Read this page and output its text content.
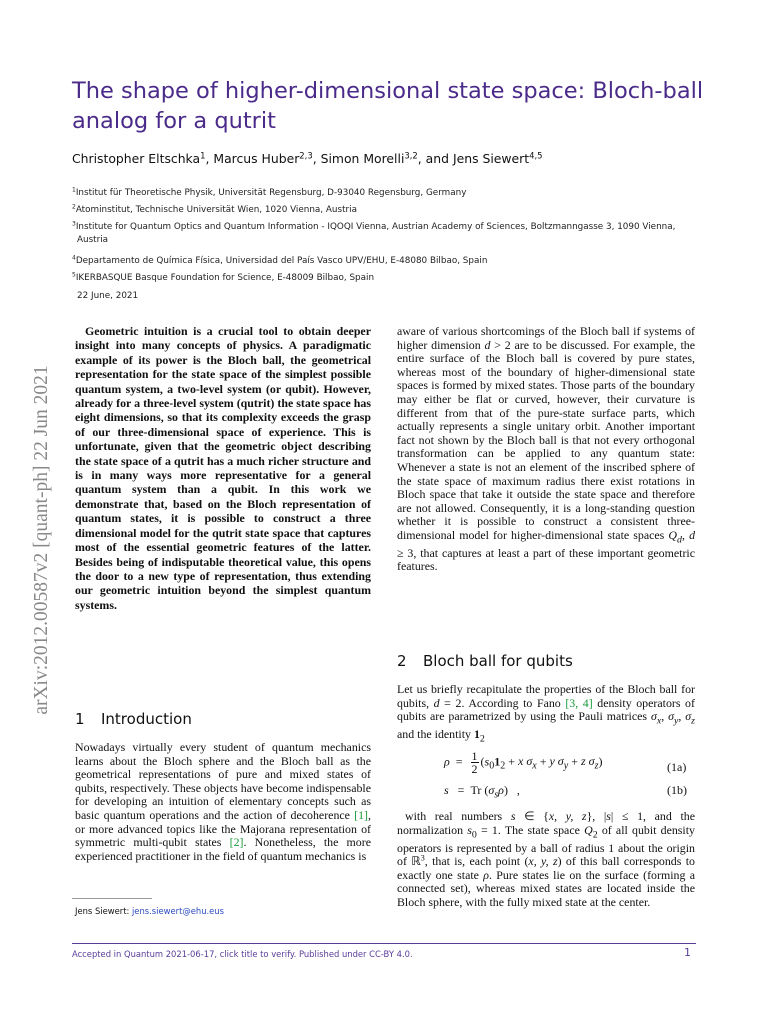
The shape of higher-dimensional state space: Bloch-ball analog for a qutrit
Christopher Eltschka$^1$, Marcus Huber$^{2,3}$, Simon Morelli$^{3,2}$, and Jens Siewert$^{4,5}$
$^1$Institut für Theoretische Physik, Universität Regensburg, D-93040 Regensburg, Germany
$^2$Atominstitut, Technische Universität Wien, 1020 Vienna, Austria
$^3$Institute for Quantum Optics and Quantum Information - IQOQI Vienna, Austrian Academy of Sciences, Boltzmanngasse 3, 1090 Vienna,
Austria
$^4$Departamento de Química Física, Universidad del País Vasco UPV/EHU, E-48080 Bilbao, Spain
$^5$IKERBASQUE Basque Foundation for Science, E-48009 Bilbao, Spain
22 June, 2021
arXiv:2012.00587v2 [quant-ph] 22 Jun 2021

Geometric intuition is a crucial tool to obtain deeper insight into many concepts of physics. A paradigmatic example of its power is the Bloch ball, the geometrical representation for the state space of the simplest possible quantum system, a two-level system (or qubit). However, already for a three-level system (qutrit) the state space has eight dimensions, so that its complexity exceeds the grasp of our three-dimensional space of experience. This is unfortunate, given that the geometric object describing the state space of a qutrit has a much richer structure and is in many ways more representative for a general quantum system than a qubit. In this work we demonstrate that, based on the Bloch representation of quantum states, it is possible to construct a three dimensional model for the qutrit state space that captures most of the essential geometric features of the latter. Besides being of indisputable theoretical value, this opens the door to a new type of representation, thus extending our geometric intuition beyond the simplest quantum systems.

1 Introduction

Nowadays virtually every student of quantum mechanics learns about the Bloch sphere and the Bloch ball as the geometrical representations of pure and mixed states of qubits, respectively. These objects have become indispensable for developing an intuition of elementary concepts such as basic quantum operations and the action of decoherence [1], or more advanced topics like the Majorana representation of symmetric multi-qubit states [2]. Nonetheless, the more experienced practitioner in the field of quantum mechanics is

Jens Siewert: jens.siewert@ehu.eus

aware of various shortcomings of the Bloch ball if systems of higher dimension d > 2 are to be discussed. For example, the entire surface of the Bloch ball is covered by pure states, whereas most of the boundary of higher-dimensional state spaces is formed by mixed states. Those parts of the boundary may either be flat or curved, however, their curvature is different from that of the pure-state surface parts, which actually represents a single unitary orbit. Another important fact not shown by the Bloch ball is that not every orthogonal transformation can be applied to any quantum state: Whenever a state is not an element of the inscribed sphere of the state space of maximum radius there exist rotations in Bloch space that take it outside the state space and therefore are not allowed. Consequently, it is a long-standing question whether it is possible to construct a consistent three-dimensional model for higher-dimensional state spaces $Q_d$, d ≥ 3, that captures at least a part of these important geometric features.

2 Bloch ball for qubits

Let us briefly recapitulate the properties of the Bloch ball for qubits, d = 2. According to Fano [3, 4] density operators of qubits are parametrized by using the Pauli matrices $\sigma_x$, $\sigma_y$, $\sigma_z$ and the identity $1_2$

$\rho = \frac{1}{2} (s_01_2 + x$ $\sigma_x + y$ $\sigma_y + z$ $\sigma_z$)	(1a)
s   =  Tr $(\sigma_s\rho)$   ,	(1b)

with real numbers s ∈ {x, y, z}, |s| ≤ 1, and the normalization $s_0 = 1$. The state space $Q_2$ of all qubit density operators is represented by a ball of radius 1 about the origin of ℝ$^3$, that is, each point (x, y, z) of this ball corresponds to exactly one state ρ. Pure states lie on the surface (forming a connected set), whereas mixed states are located inside the Bloch sphere, with the fully mixed state at the center.

Accepted in Quantum 2021-06-17, click title to verify. Published under CC-BY 4.0.	1
